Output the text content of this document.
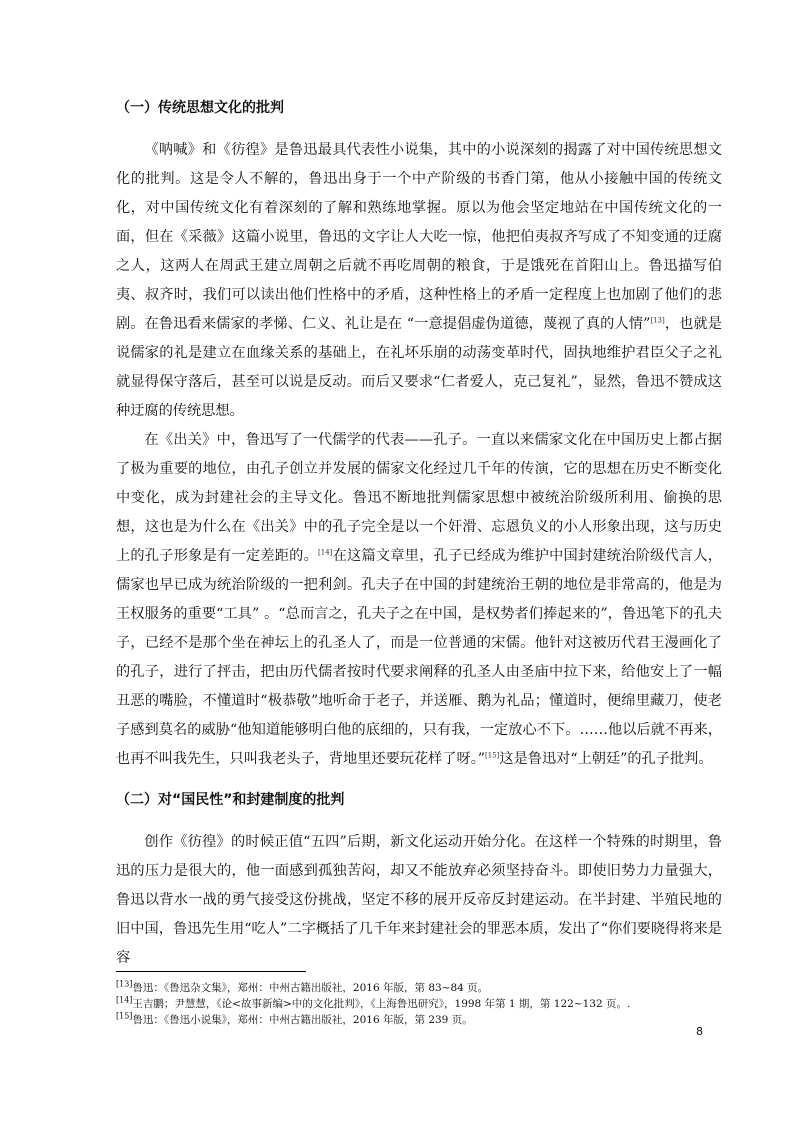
（一）传统思想文化的批判

《呐喊》和《彷徨》是鲁迅最具代表性小说集，其中的小说深刻的揭露了对中国传统思想文化的批判。这是令人不解的，鲁迅出身于一个中产阶级的书香门第，他从小接触中国的传统文化，对中国传统文化有着深刻的了解和熟练地掌握。原以为他会坚定地站在中国传统文化的一面，但在《采薇》这篇小说里，鲁迅的文字让人大吃一惊，他把伯夷叔齐写成了不知变通的迂腐之人，这两人在周武王建立周朝之后就不再吃周朝的粮食，于是饿死在首阳山上。鲁迅描写伯夷、叔齐时，我们可以读出他们性格中的矛盾，这种性格上的矛盾一定程度上也加剧了他们的悲剧。在鲁迅看来儒家的孝悌、仁义、礼让是在 “一意提倡虚伪道德，蔑视了真的人情”[13]，也就是说儒家的礼是建立在血缘关系的基础上，在礼坏乐崩的动荡变革时代，固执地维护君臣父子之礼就显得保守落后，甚至可以说是反动。而后又要求“仁者爱人，克己复礼”，显然，鲁迅不赞成这种迂腐的传统思想。

在《出关》中，鲁迅写了一代儒学的代表——孔子。一直以来儒家文化在中国历史上都占据了极为重要的地位，由孔子创立并发展的儒家文化经过几千年的传演，它的思想在历史不断变化中变化，成为封建社会的主导文化。鲁迅不断地批判儒家思想中被统治阶级所利用、偷换的思想，这也是为什么在《出关》中的孔子完全是以一个奸滑、忘恩负义的小人形象出现，这与历史上的孔子形象是有一定差距的。[14]在这篇文章里，孔子已经成为维护中国封建统治阶级代言人，儒家也早已成为统治阶级的一把利剑。孔夫子在中国的封建统治王朝的地位是非常高的，他是为王权服务的重要“工具” 。“总而言之，孔夫子之在中国，是权势者们捧起来的”，鲁迅笔下的孔夫子，已经不是那个坐在神坛上的孔圣人了，而是一位普通的宋儒。他针对这被历代君王漫画化了的孔子，进行了抨击，把由历代儒者按时代要求阐释的孔圣人由圣庙中拉下来，给他安上了一幅丑恶的嘴脸，不懂道时“极恭敬”地听命于老子，并送雁、鹅为礼品；懂道时，便绵里藏刀，使老子感到莫名的威胁“他知道能够明白他的底细的，只有我，一定放心不下。……他以后就不再来，也再不叫我先生，只叫我老头子，背地里还要玩花样了呀。”[15]这是鲁迅对“上朝廷”的孔子批判。

（二）对“国民性”和封建制度的批判

创作《彷徨》的时候正值“五四”后期，新文化运动开始分化。在这样一个特殊的时期里，鲁迅的压力是很大的，他一面感到孤独苦闷，却又不能放弃必须坚持奋斗。即使旧势力力量强大，鲁迅以背水一战的勇气接受这份挑战，坚定不移的展开反帝反封建运动。在半封建、半殖民地的旧中国，鲁迅先生用“吃人”二字概括了几千年来封建社会的罪恶本质，发出了“你们要晓得将来是容

[13]鲁迅：《鲁迅杂文集》，郑州：中州古籍出版社，2016 年版，第 83~84 页。

[14]王吉鹏；尹慧慧，《论<故事新编>中的文化批判》，《上海鲁迅研究》，1998 年第 1 期，第 122~132 页。.

[15]鲁迅：《鲁迅小说集》，郑州：中州古籍出版社，2016 年版，第 239 页。

8
